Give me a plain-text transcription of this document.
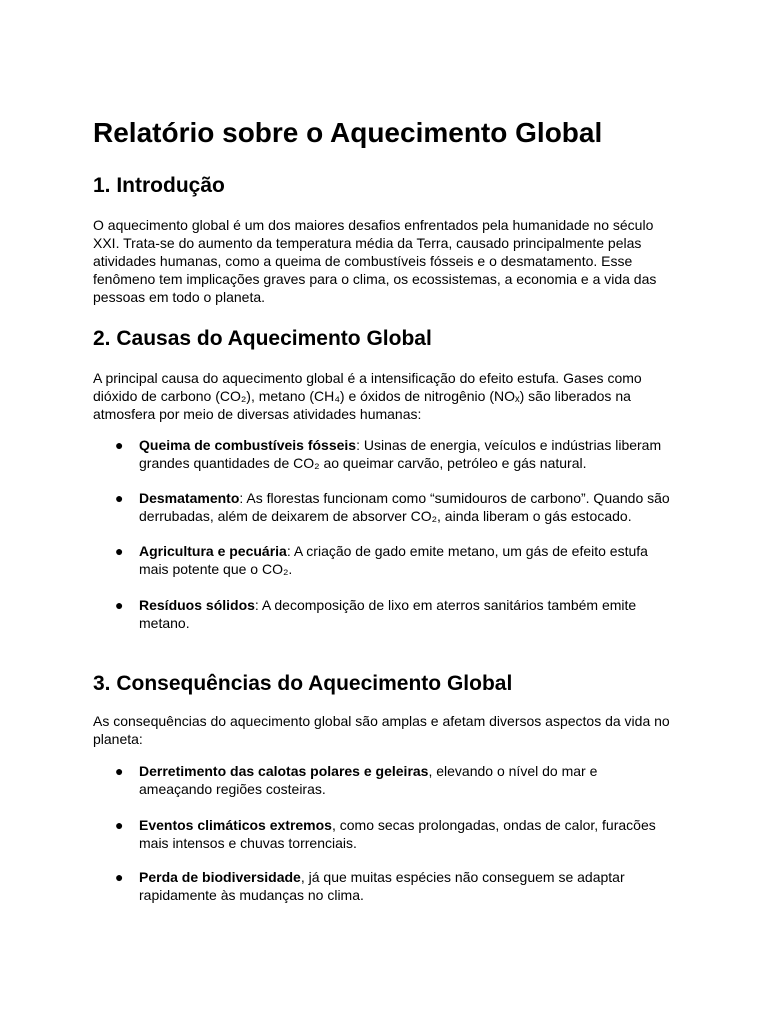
Relatório sobre o Aquecimento Global
1. Introdução

O aquecimento global é um dos maiores desafios enfrentados pela humanidade no século XXI. Trata-se do aumento da temperatura média da Terra, causado principalmente pelas atividades humanas, como a queima de combustíveis fósseis e o desmatamento. Esse fenômeno tem implicações graves para o clima, os ecossistemas, a economia e a vida das pessoas em todo o planeta.

2. Causas do Aquecimento Global

A principal causa do aquecimento global é a intensificação do efeito estufa. Gases como dióxido de carbono (CO₂), metano (CH₄) e óxidos de nitrogênio (NOₓ) são liberados na atmosfera por meio de diversas atividades humanas:

● Queima de combustíveis fósseis: Usinas de energia, veículos e indústrias liberam grandes quantidades de CO₂ ao queimar carvão, petróleo e gás natural.
● Desmatamento: As florestas funcionam como “sumidouros de carbono”. Quando são derrubadas, além de deixarem de absorver CO₂, ainda liberam o gás estocado.
● Agricultura e pecuária: A criação de gado emite metano, um gás de efeito estufa mais potente que o CO₂.
● Resíduos sólidos: A decomposição de lixo em aterros sanitários também emite metano.
3. Consequências do Aquecimento Global

As consequências do aquecimento global são amplas e afetam diversos aspectos da vida no planeta:

● Derretimento das calotas polares e geleiras, elevando o nível do mar e ameaçando regiões costeiras.
● Eventos climáticos extremos, como secas prolongadas, ondas de calor, furacões mais intensos e chuvas torrenciais.
● Perda de biodiversidade, já que muitas espécies não conseguem se adaptar rapidamente às mudanças no clima.
